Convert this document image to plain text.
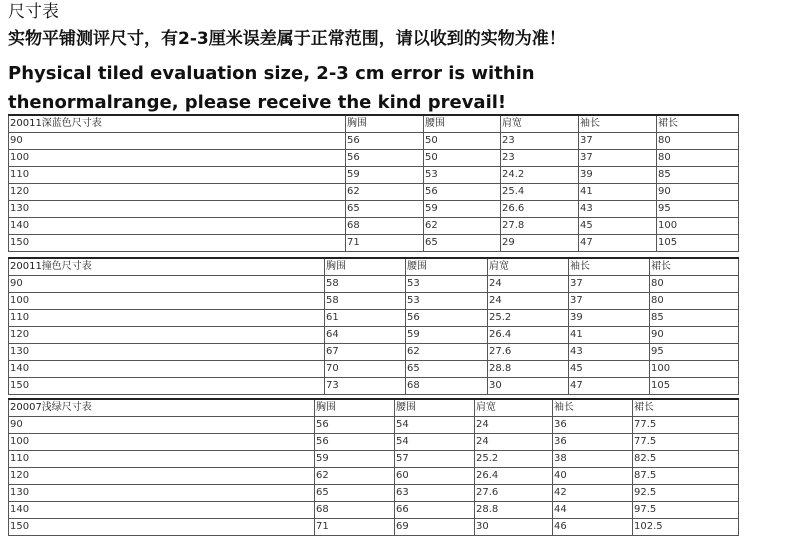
尺寸表
实物平铺测评尺寸，有2-3厘米误差属于正常范围，请以收到的实物为准！
Physical tiled evaluation size, 2-3 cm error is within
thenormalrange, please receive the kind prevail!
20011深蓝色尺寸表	胸围	腰围	肩宽	袖长	裙长
90	56	50	23	37	80
100	56	50	23	37	80
110	59	53	24.2	39	85
120	62	56	25.4	41	90
130	65	59	26.6	43	95
140	68	62	27.8	45	100
150	71	65	29	47	105
20011撞色尺寸表	胸围	腰围	肩宽	袖长	裙长
90	58	53	24	37	80
100	58	53	24	37	80
110	61	56	25.2	39	85
120	64	59	26.4	41	90
130	67	62	27.6	43	95
140	70	65	28.8	45	100
150	73	68	30	47	105
20007浅绿尺寸表	胸围	腰围	肩宽	袖长	裙长
90	56	54	24	36	77.5
100	56	54	24	36	77.5
110	59	57	25.2	38	82.5
120	62	60	26.4	40	87.5
130	65	63	27.6	42	92.5
140	68	66	28.8	44	97.5
150	71	69	30	46	102.5
